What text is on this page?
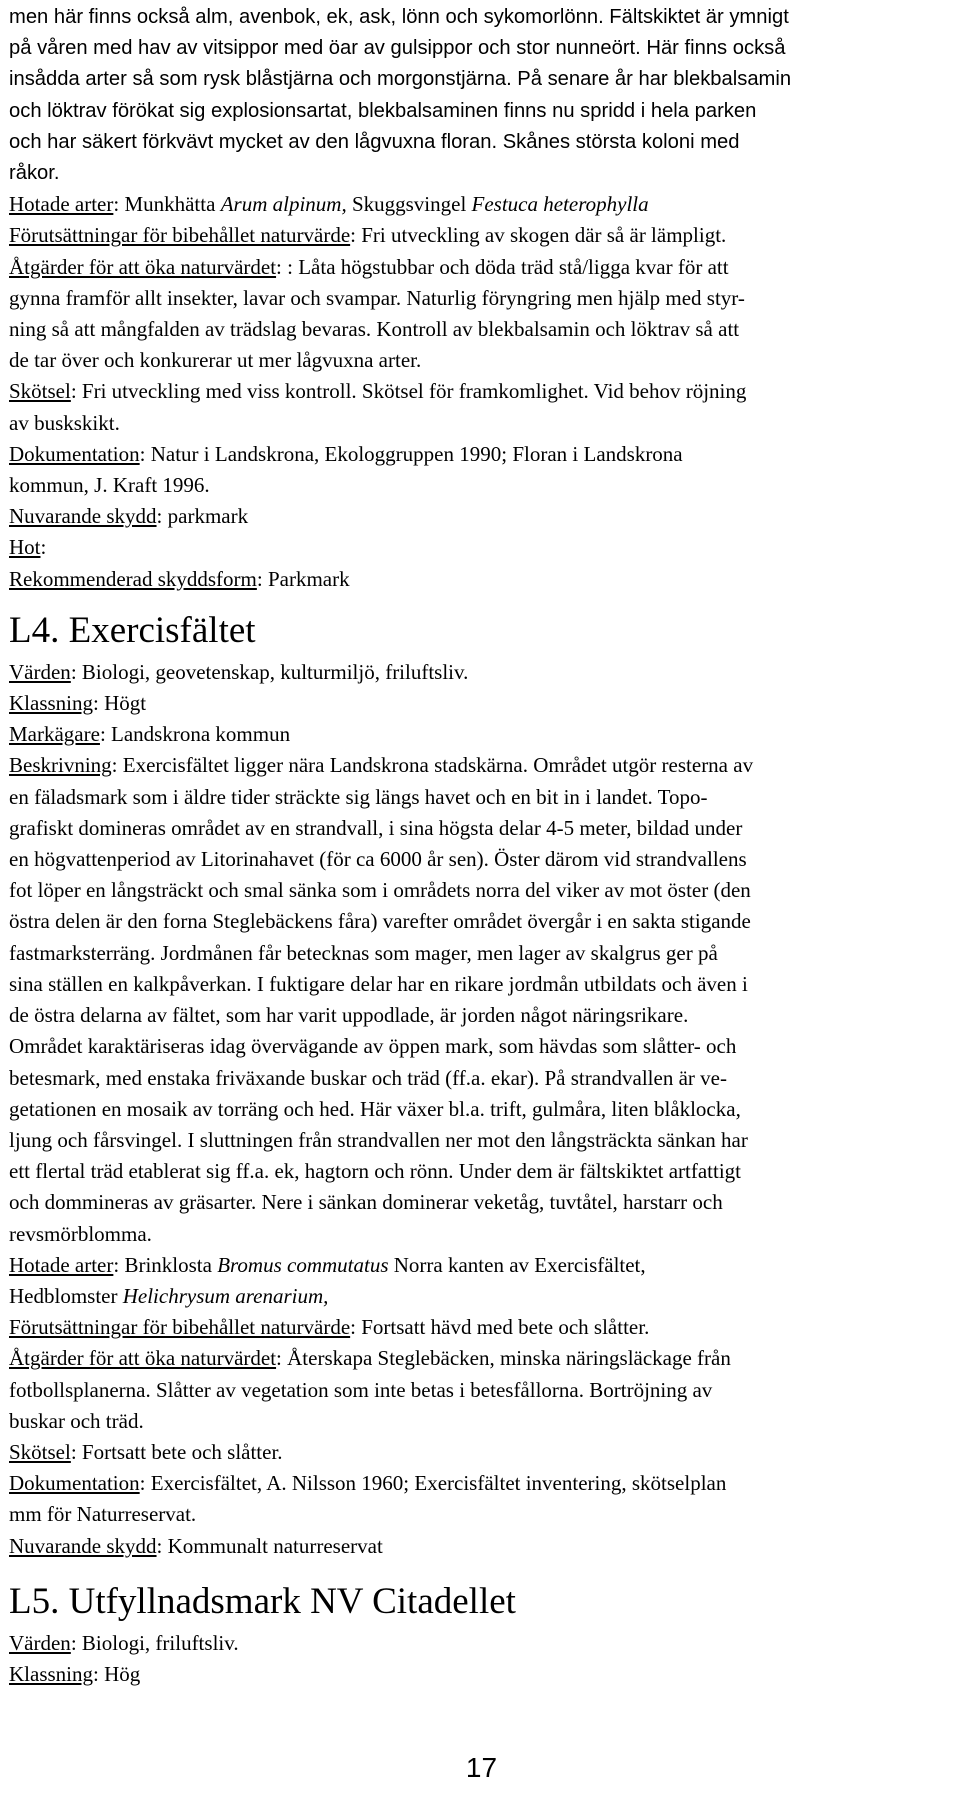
men här finns också alm, avenbok, ek, ask, lönn och sykomorlönn. Fältskiktet är ymnigt

på våren med hav av vitsippor med öar av gulsippor och stor nunneört. Här finns också

insådda arter så som rysk blåstjärna och morgonstjärna. På senare år har blekbalsamin

och löktrav förökat sig explosionsartat, blekbalsaminen finns nu spridd i hela parken

och har säkert förkvävt mycket av den lågvuxna floran. Skånes största koloni med

råkor.

Hotade arter: Munkhätta Arum alpinum, Skuggsvingel Festuca heterophylla

Förutsättningar för bibehållet naturvärde: Fri utveckling av skogen där så är lämpligt.

Åtgärder för att öka naturvärdet: : Låta högstubbar och döda träd stå/ligga kvar för att

gynna framför allt insekter, lavar och svampar. Naturlig föryngring men hjälp med styr-

ning så att mångfalden av trädslag bevaras. Kontroll av blekbalsamin och löktrav så att

de tar över och konkurerar ut mer lågvuxna arter.

Skötsel: Fri utveckling med viss kontroll. Skötsel för framkomlighet. Vid behov röjning

av buskskikt.

Dokumentation: Natur i Landskrona, Ekologgruppen 1990; Floran i Landskrona

kommun, J. Kraft 1996.

Nuvarande skydd: parkmark

Hot:

Rekommenderad skyddsform: Parkmark

L4. Exercisfältet

Värden: Biologi, geovetenskap, kulturmiljö, friluftsliv.

Klassning: Högt

Markägare: Landskrona kommun

Beskrivning: Exercisfältet ligger nära Landskrona stadskärna. Området utgör resterna av

en fäladsmark som i äldre tider sträckte sig längs havet och en bit in i landet. Topo-

grafiskt domineras området av en strandvall, i sina högsta delar 4-5 meter, bildad under

en högvattenperiod av Litorinahavet (för ca 6000 år sen). Öster därom vid strandvallens

fot löper en långsträckt och smal sänka som i områdets norra del viker av mot öster (den

östra delen är den forna Steglebäckens fåra) varefter området övergår i en sakta stigande

fastmarksterräng. Jordmånen får betecknas som mager, men lager av skalgrus ger på

sina ställen en kalkpåverkan. I fuktigare delar har en rikare jordmån utbildats och även i

de östra delarna av fältet, som har varit uppodlade, är jorden något näringsrikare.

Området karaktäriseras idag övervägande av öppen mark, som hävdas som slåtter- och

betesmark, med enstaka friväxande buskar och träd (ff.a. ekar). På strandvallen är ve-

getationen en mosaik av torräng och hed. Här växer bl.a. trift, gulmåra, liten blåklocka,

ljung och fårsvingel. I sluttningen från strandvallen ner mot den långsträckta sänkan har

ett flertal träd etablerat sig ff.a. ek, hagtorn och rönn. Under dem är fältskiktet artfattigt

och dommineras av gräsarter. Nere i sänkan dominerar veketåg, tuvtåtel, harstarr och

revsmörblomma.

Hotade arter: Brinklosta Bromus commutatus Norra kanten av Exercisfältet,

Hedblomster Helichrysum arenarium,

Förutsättningar för bibehållet naturvärde: Fortsatt hävd med bete och slåtter.

Åtgärder för att öka naturvärdet: Återskapa Steglebäcken, minska näringsläckage från

fotbollsplanerna. Slåtter av vegetation som inte betas i betesfållorna. Bortröjning av

buskar och träd.

Skötsel: Fortsatt bete och slåtter.

Dokumentation: Exercisfältet, A. Nilsson 1960; Exercisfältet inventering, skötselplan

mm för Naturreservat.

Nuvarande skydd: Kommunalt naturreservat

L5. Utfyllnadsmark NV Citadellet

Värden: Biologi, friluftsliv.

Klassning: Hög

17
